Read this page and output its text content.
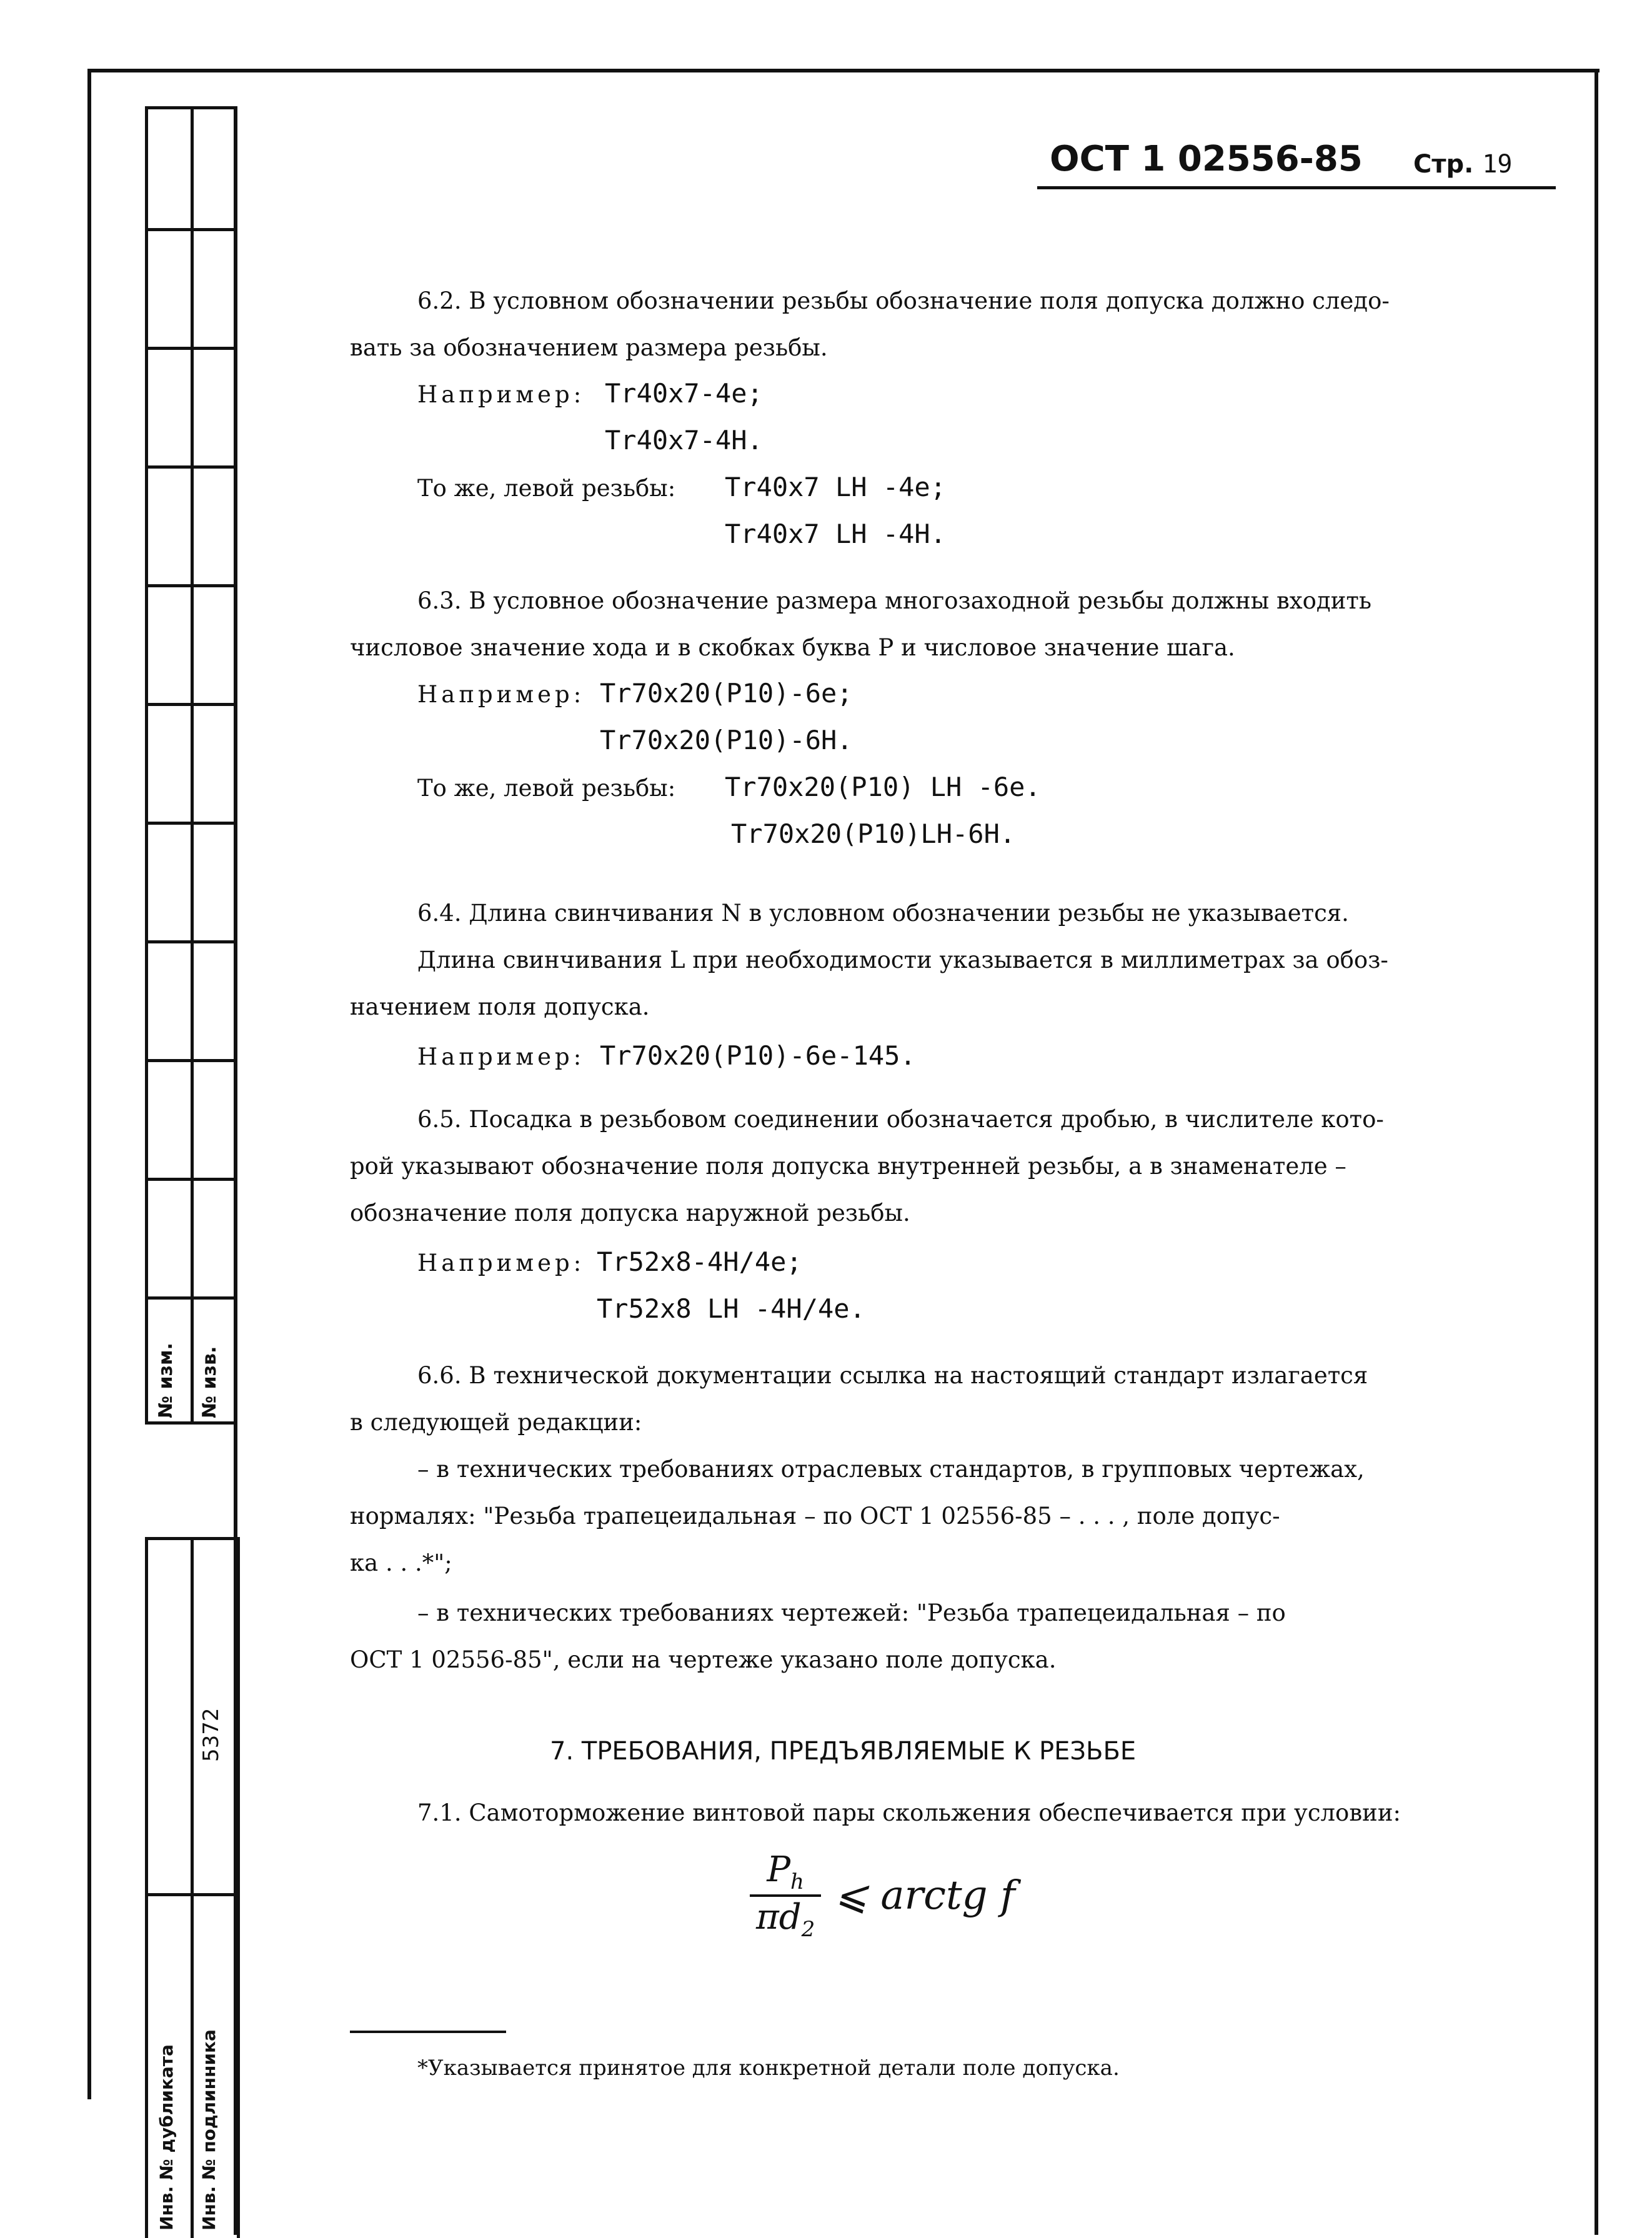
№ изм. № изв.
5372
Инв. № дубликата Инв. № подлинника
ОСТ 1 02556-85 Стр. 19
6.2. В условном обозначении резьбы обозначение поля допуска должно следо-
вать за обозначением размера резьбы.
Например: Tr40x7-4e;
Tr40x7-4H.
То же, левой резьбы: Tr40x7 LH -4e;
Tr40x7 LH -4H.
6.3. В условное обозначение размера многозаходной резьбы должны входить
числовое значение хода и в скобках буква P и числовое значение шага.
Например: Tr70x20(P10)-6e;
Tr70x20(P10)-6H.
То же, левой резьбы: Tr70x20(P10) LH -6e.
Tr70x20(P10)LH-6H.
6.4. Длина свинчивания N в условном обозначении резьбы не указывается.
Длина свинчивания L при необходимости указывается в миллиметрах за обоз-
начением поля допуска.
Например: Tr70x20(P10)-6e-145.
6.5. Посадка в резьбовом соединении обозначается дробью, в числителе кото-
рой указывают обозначение поля допуска внутренней резьбы, а в знаменателе –
обозначение поля допуска наружной резьбы.
Например: Tr52x8-4H/4e;
Tr52x8 LH -4H/4e.
6.6. В технической документации ссылка на настоящий стандарт излагается
в следующей редакции:
– в технических требованиях отраслевых стандартов, в групповых чертежах,
нормалях: "Резьба трапецеидальная – по ОСТ 1 02556-85 – . . . , поле допус-
ка . . .*";
– в технических требованиях чертежей: "Резьба трапецеидальная – по
ОСТ 1 02556-85", если на чертеже указано поле допуска.
7. ТРЕБОВАНИЯ, ПРЕДЪЯВЛЯЕМЫЕ К РЕЗЬБЕ
7.1. Самоторможение винтовой пары скольжения обеспечивается при условии:
$\frac{P_h}{\pi d_2}$ ⩽ arctg f
*Указывается принятое для конкретной детали поле допуска.
